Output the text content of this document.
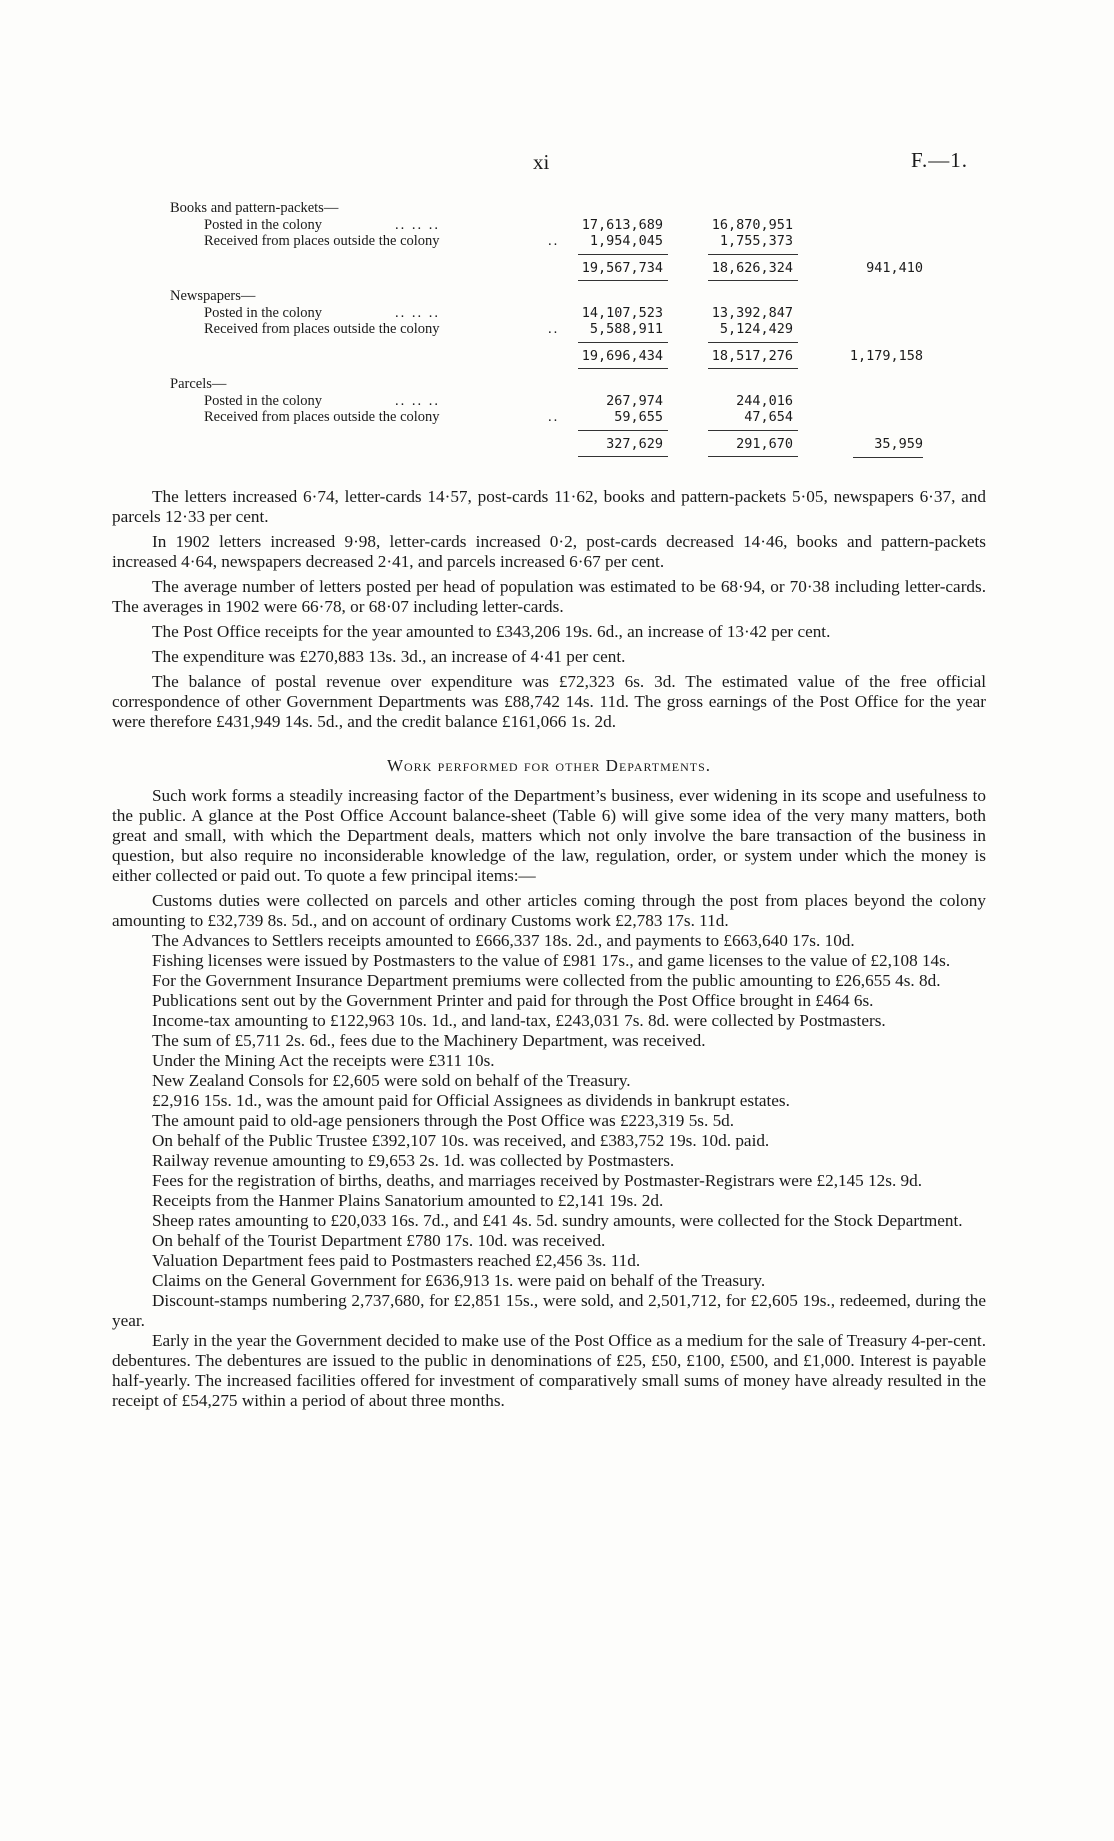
xi	F.—1.
Books and pattern-packets—
Posted in the colony	.. .. ..	17,613,689	16,870,951
Received from places outside the colony	..	1,954,045	1,755,373
19,567,734	18,626,324	941,410
Newspapers—
Posted in the colony	.. .. ..	14,107,523	13,392,847
Received from places outside the colony	..	5,588,911	5,124,429
19,696,434	18,517,276	1,179,158
Parcels—
Posted in the colony	.. .. ..	267,974	244,016
Received from places outside the colony	..	59,655	47,654
327,629	291,670	35,959

The letters increased 6·74, letter-cards 14·57, post-cards 11·62, books and pattern-packets 5·05, newspapers 6·37, and parcels 12·33 per cent.

In 1902 letters increased 9·98, letter-cards increased 0·2, post-cards decreased 14·46, books and pattern-packets increased 4·64, newspapers decreased 2·41, and parcels increased 6·67 per cent.

The average number of letters posted per head of population was estimated to be 68·94, or 70·38 including letter-cards. The averages in 1902 were 66·78, or 68·07 including letter-cards.

The Post Office receipts for the year amounted to £343,206 19s. 6d., an increase of 13·42 per cent.

The expenditure was £270,883 13s. 3d., an increase of 4·41 per cent.

The balance of postal revenue over expenditure was £72,323 6s. 3d. The estimated value of the free official correspondence of other Government Departments was £88,742 14s. 11d. The gross earnings of the Post Office for the year were therefore £431,949 14s. 5d., and the credit balance £161,066 1s. 2d.

Work performed for other Departments.

Such work forms a steadily increasing factor of the Department’s business, ever widening in its scope and usefulness to the public. A glance at the Post Office Account balance-sheet (Table 6) will give some idea of the very many matters, both great and small, with which the Department deals, matters which not only involve the bare transaction of the business in question, but also require no inconsiderable knowledge of the law, regulation, order, or system under which the money is either collected or paid out. To quote a few principal items:—

Customs duties were collected on parcels and other articles coming through the post from places beyond the colony amounting to £32,739 8s. 5d., and on account of ordinary Customs work £2,783 17s. 11d.

The Advances to Settlers receipts amounted to £666,337 18s. 2d., and payments to £663,640 17s. 10d.

Fishing licenses were issued by Postmasters to the value of £981 17s., and game licenses to the value of £2,108 14s.

For the Government Insurance Department premiums were collected from the public amounting to £26,655 4s. 8d.

Publications sent out by the Government Printer and paid for through the Post Office brought in £464 6s.

Income-tax amounting to £122,963 10s. 1d., and land-tax, £243,031 7s. 8d. were collected by Postmasters.

The sum of £5,711 2s. 6d., fees due to the Machinery Department, was received.

Under the Mining Act the receipts were £311 10s.

New Zealand Consols for £2,605 were sold on behalf of the Treasury.

£2,916 15s. 1d., was the amount paid for Official Assignees as dividends in bankrupt estates.

The amount paid to old-age pensioners through the Post Office was £223,319 5s. 5d.

On behalf of the Public Trustee £392,107 10s. was received, and £383,752 19s. 10d. paid.

Railway revenue amounting to £9,653 2s. 1d. was collected by Postmasters.

Fees for the registration of births, deaths, and marriages received by Postmaster-Registrars were £2,145 12s. 9d.

Receipts from the Hanmer Plains Sanatorium amounted to £2,141 19s. 2d.

Sheep rates amounting to £20,033 16s. 7d., and £41 4s. 5d. sundry amounts, were collected for the Stock Department.

On behalf of the Tourist Department £780 17s. 10d. was received.

Valuation Department fees paid to Postmasters reached £2,456 3s. 11d.

Claims on the General Government for £636,913 1s. were paid on behalf of the Treasury.

Discount-stamps numbering 2,737,680, for £2,851 15s., were sold, and 2,501,712, for £2,605 19s., redeemed, during the year.

Early in the year the Government decided to make use of the Post Office as a medium for the sale of Treasury 4-per-cent. debentures. The debentures are issued to the public in denominations of £25, £50, £100, £500, and £1,000. Interest is payable half-yearly. The increased facilities offered for investment of comparatively small sums of money have already resulted in the receipt of £54,275 within a period of about three months.
